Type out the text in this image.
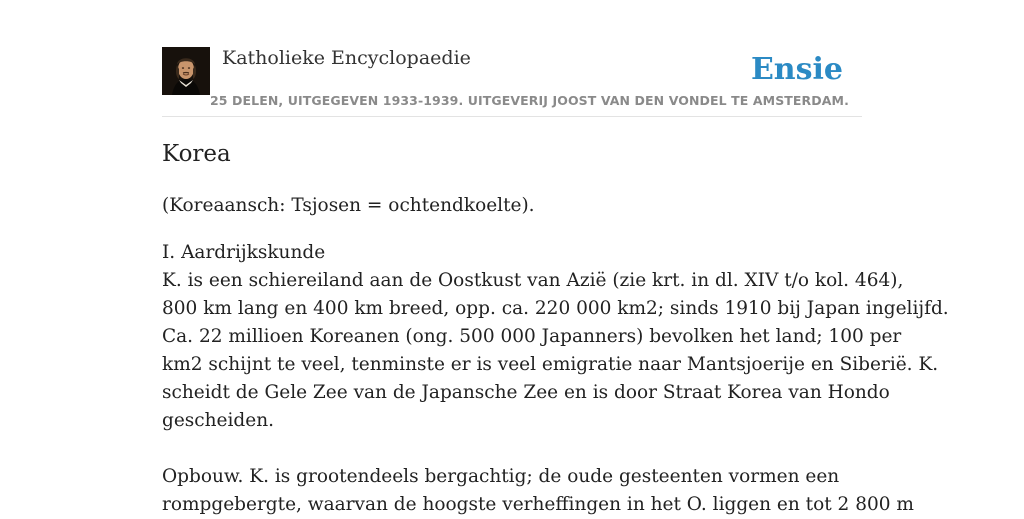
Katholieke Encyclopaedie	Ensie
25 DELEN, UITGEGEVEN 1933-1939. UITGEVERIJ JOOST VAN DEN VONDEL TE AMSTERDAM.
Korea

(Koreaansch: Tsjosen = ochtendkoelte).

I. Aardrijkskunde
K. is een schiereiland aan de Oostkust van Azië (zie krt. in dl. XIV t/o kol. 464),
800 km lang en 400 km breed, opp. ca. 220 000 km2; sinds 1910 bij Japan ingelijfd.
Ca. 22 millioen Koreanen (ong. 500 000 Japanners) bevolken het land; 100 per
km2 schijnt te veel, tenminste er is veel emigratie naar Mantsjoerije en Siberië. K.
scheidt de Gele Zee van de Japansche Zee en is door Straat Korea van Hondo
gescheiden.
Opbouw. K. is grootendeels bergachtig; de oude gesteenten vormen een
rompgebergte, waarvan de hoogste verheffingen in het O. liggen en tot 2 800 m
